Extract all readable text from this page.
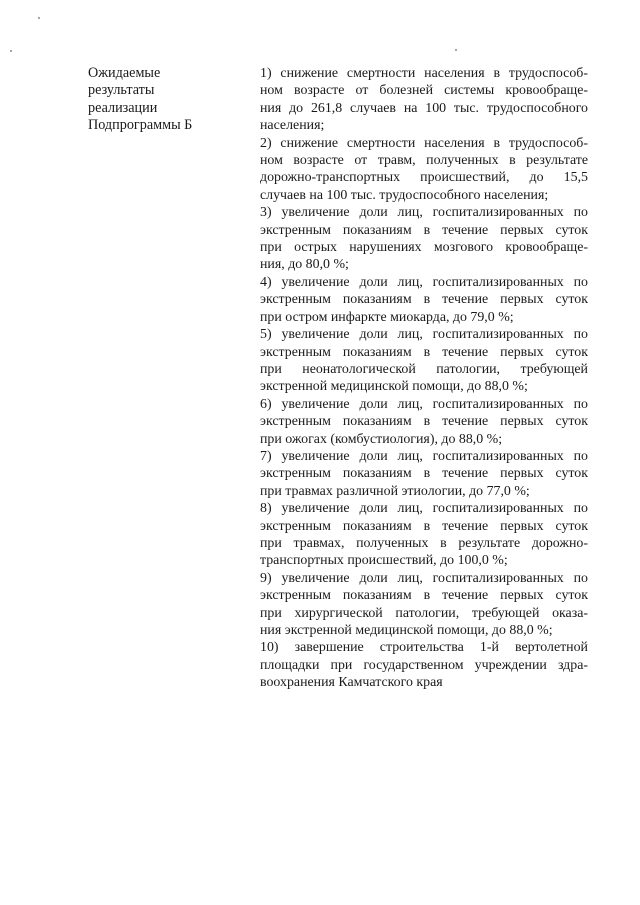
Ожидаемые
результаты
реализации
Подпрограммы Б
1) снижение смертности населения в трудоспособ-
ном возрасте от болезней системы кровообраще-
ния до 261,8 случаев на 100 тыс. трудоспособного
населения;
2) снижение смертности населения в трудоспособ-
ном возрасте от травм, полученных в результате
дорожно-транспортных происшествий, до 15,5
случаев на 100 тыс. трудоспособного населения;
3) увеличение доли лиц, госпитализированных по
экстренным показаниям в течение первых суток
при острых нарушениях мозгового кровообраще-
ния, до 80,0 %;
4) увеличение доли лиц, госпитализированных по
экстренным показаниям в течение первых суток
при остром инфаркте миокарда, до 79,0 %;
5) увеличение доли лиц, госпитализированных по
экстренным показаниям в течение первых суток
при неонатологической патологии, требующей
экстренной медицинской помощи, до 88,0 %;
6) увеличение доли лиц, госпитализированных по
экстренным показаниям в течение первых суток
при ожогах (комбустиология), до 88,0 %;
7) увеличение доли лиц, госпитализированных по
экстренным показаниям в течение первых суток
при травмах различной этиологии, до 77,0 %;
8) увеличение доли лиц, госпитализированных по
экстренным показаниям в течение первых суток
при травмах, полученных в результате дорожно-
транспортных происшествий, до 100,0 %;
9) увеличение доли лиц, госпитализированных по
экстренным показаниям в течение первых суток
при хирургической патологии, требующей оказа-
ния экстренной медицинской помощи, до 88,0 %;
10) завершение строительства 1-й вертолетной
площадки при государственном учреждении здра-
воохранения Камчатского края
